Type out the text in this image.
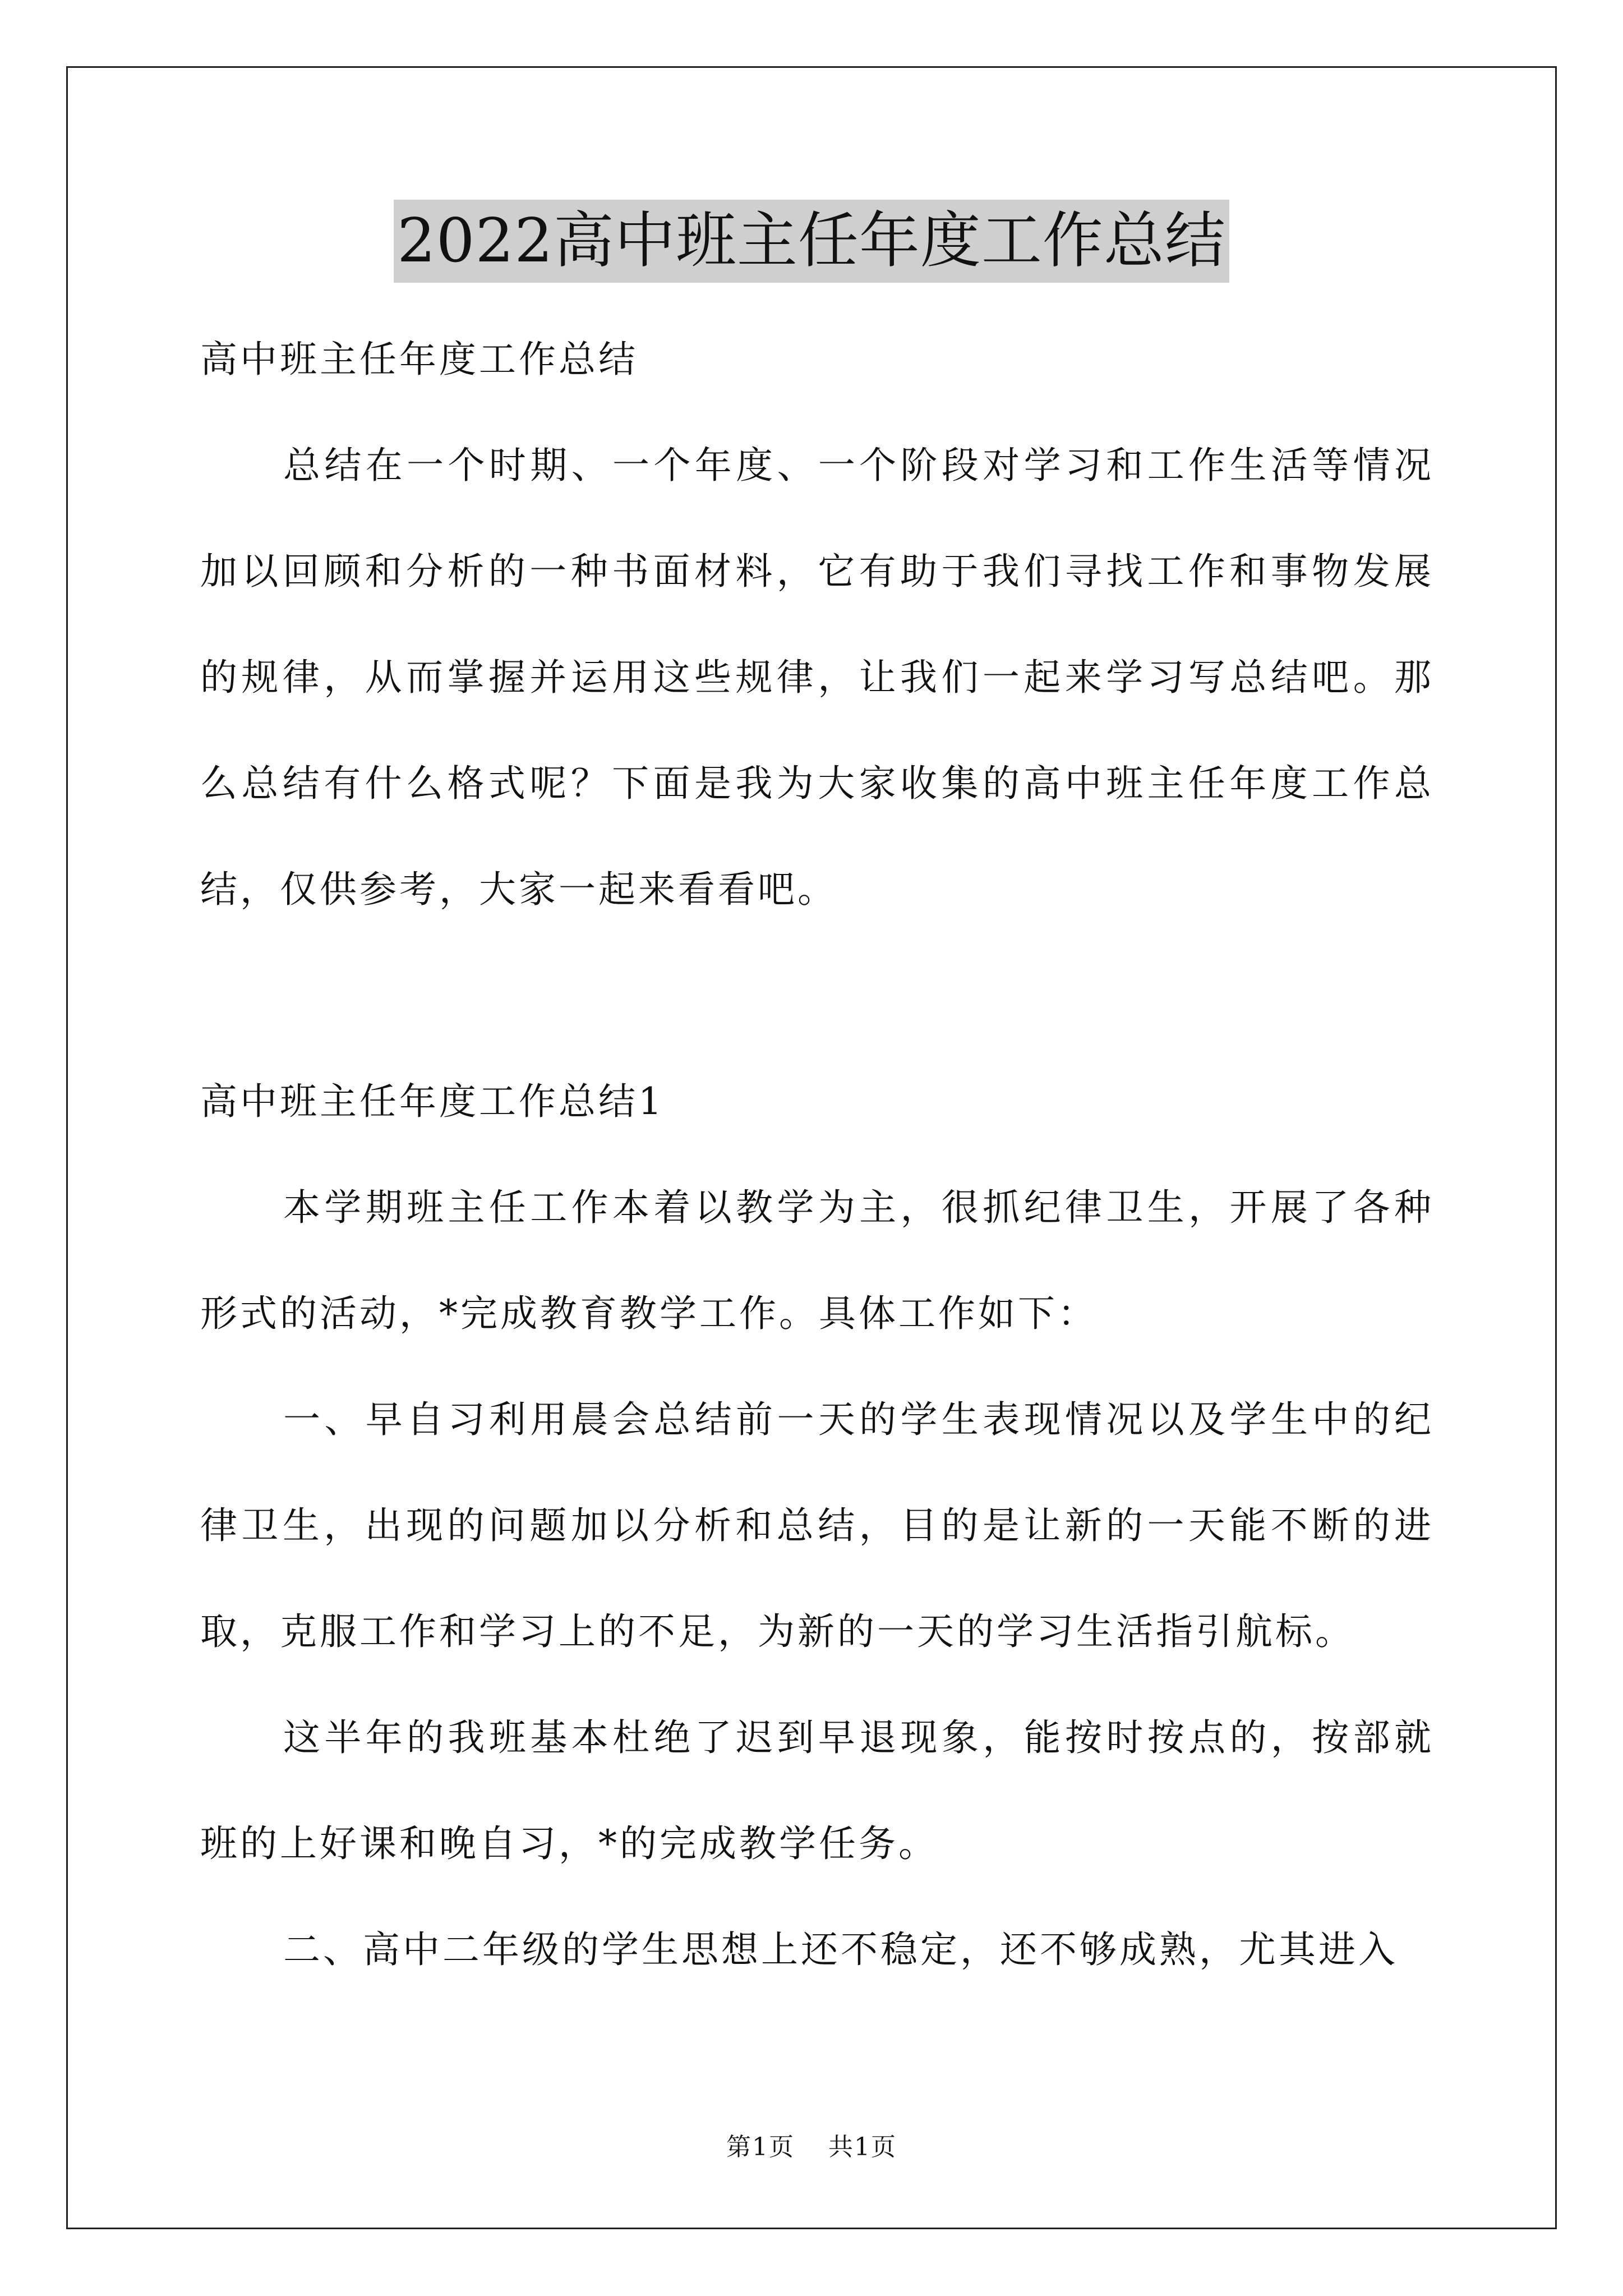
2022高中班主任年度工作总结

高中班主任年度工作总结

总结在一个时期、一个年度、一个阶段对学习和工作生活等情况加以回顾和分析的一种书面材料，它有助于我们寻找工作和事物发展的规律，从而掌握并运用这些规律，让我们一起来学习写总结吧。那么总结有什么格式呢？下面是我为大家收集的高中班主任年度工作总结，仅供参考，大家一起来看看吧。

高中班主任年度工作总结1

本学期班主任工作本着以教学为主，很抓纪律卫生，开展了各种形式的活动，*完成教育教学工作。具体工作如下：

一、早自习利用晨会总结前一天的学生表现情况以及学生中的纪律卫生，出现的问题加以分析和总结，目的是让新的一天能不断的进取，克服工作和学习上的不足，为新的一天的学习生活指引航标。

这半年的我班基本杜绝了迟到早退现象，能按时按点的，按部就班的上好课和晚自习，*的完成教学任务。

二、高中二年级的学生思想上还不稳定，还不够成熟，尤其进入

第1页 共1页
